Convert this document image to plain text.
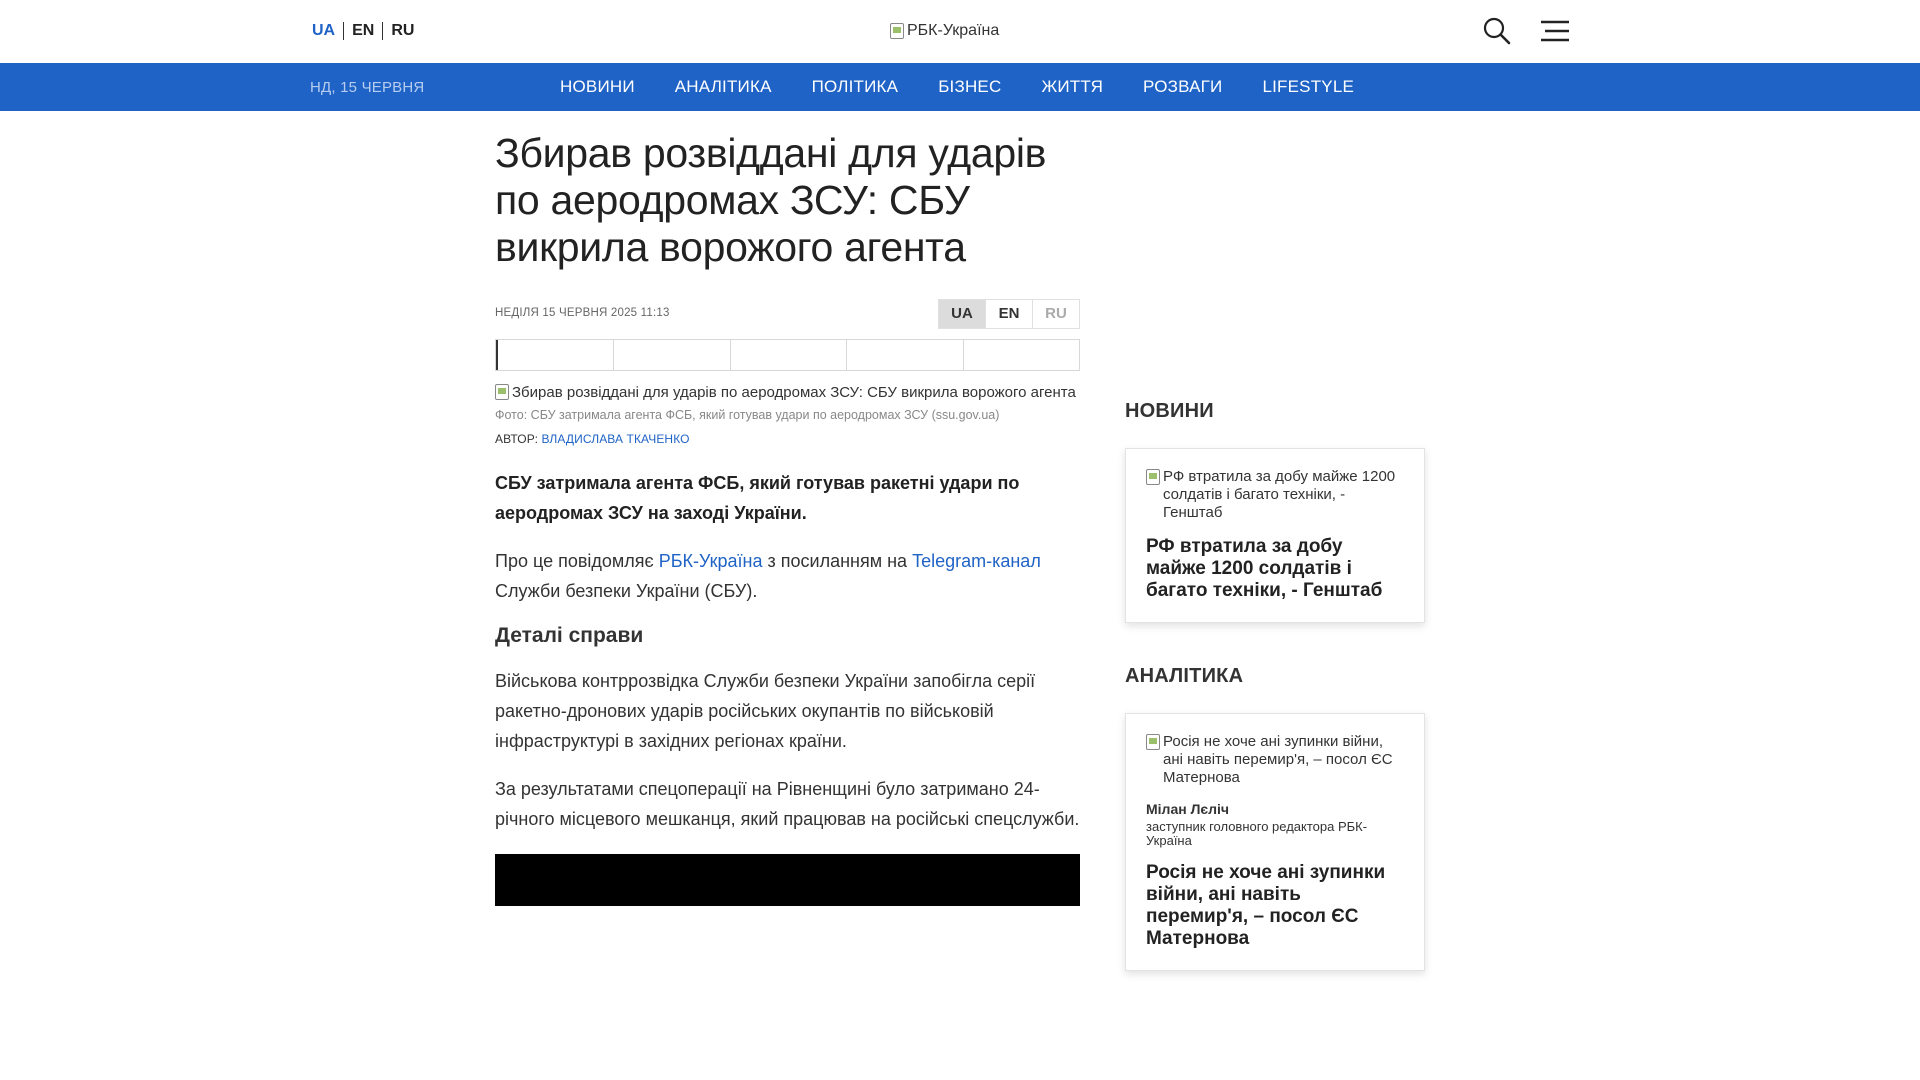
UA	EN	RU	РБК-Україна
НД, 15 ЧЕРВНЯ	НОВИНИ АНАЛІТИКА ПОЛІТИКА БІЗНЕС ЖИТТЯ РОЗВАГИ LIFESTYLE
Збирав розвіддані для ударів по аеродромах ЗСУ: СБУ викрила ворожого агента
НЕДІЛЯ 15 ЧЕРВНЯ 2025 11:13	UA	EN	RU
Збирав розвіддані для ударів по аеродромах ЗСУ: СБУ викрила ворожого агента
Фото: СБУ затримала агента ФСБ, який готував удари по аеродромах ЗСУ (ssu.gov.ua)
АВТОР: ВЛАДИСЛАВА ТКАЧЕНКО
СБУ затримала агента ФСБ, який готував ракетні удари по аеродромах ЗСУ на заході України.
Про це повідомляє РБК-Україна з посиланням на Telegram-канал Служби безпеки України (СБУ).
Деталі справи
Військова контррозвідка Служби безпеки України запобігла серії ракетно-дронових ударів російських окупантів по військовій інфраструктурі в західних регіонах країни.
За результатами спецоперації на Рівненщині було затримано 24-річного місцевого мешканця, який працював на російські спецслужби.
НОВИНИ
РФ втратила за добу майже 1200 солдатів і багато техніки, - Генштаб
РФ втратила за добу майже 1200 солдатів і багато техніки, - Генштаб
АНАЛІТИКА
Росія не хоче ані зупинки війни, ані навіть перемир'я, – посол ЄС Матернова
Мілан Лєліч
заступник головного редактора РБК-Україна
Росія не хоче ані зупинки війни, ані навіть перемир'я, – посол ЄС Матернова
